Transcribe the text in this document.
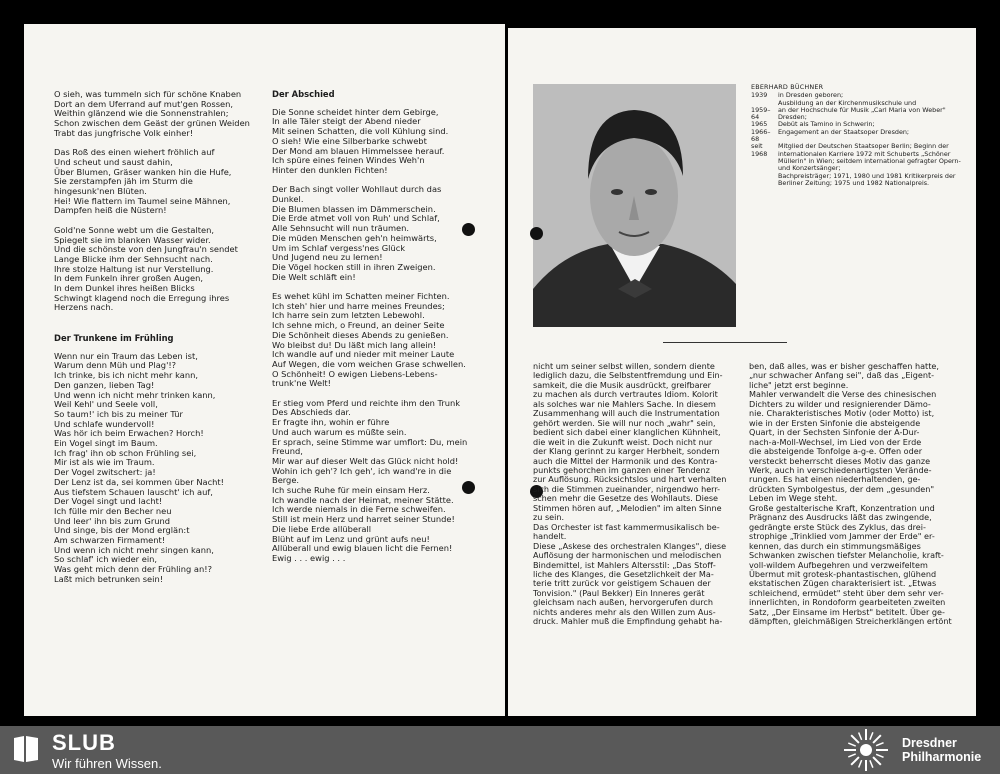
O sieh, was tummeln sich für schöne Knaben
Dort an dem Uferrand auf mut'gen Rossen,
Weithin glänzend wie die Sonnenstrahlen;
Schon zwischen dem Geäst der grünen Weiden
Trabt das jungfrische Volk einher!
Das Roß des einen wiehert fröhlich auf
Und scheut und saust dahin,
Über Blumen, Gräser wanken hin die Hufe,
Sie zerstampfen jäh im Sturm die
hingesunk'nen Blüten.
Hei! Wie flattern im Taumel seine Mähnen,
Dampfen heiß die Nüstern!
Gold'ne Sonne webt um die Gestalten,
Spiegelt sie im blanken Wasser wider.
Und die schönste von den Jungfrau'n sendet
Lange Blicke ihm der Sehnsucht nach.
Ihre stolze Haltung ist nur Verstellung.
In dem Funkeln ihrer großen Augen,
In dem Dunkel ihres heißen Blicks
Schwingt klagend noch die Erregung ihres
Herzens nach.
Der Trunkene im Frühling
Wenn nur ein Traum das Leben ist,
Warum denn Müh und Plag'!?
Ich trinke, bis ich nicht mehr kann,
Den ganzen, lieben Tag!
Und wenn ich nicht mehr trinken kann,
Weil Kehl' und Seele voll,
So taum!' ich bis zu meiner Tür
Und schlafe wundervoll!
Was hör ich beim Erwachen? Horch!
Ein Vogel singt im Baum.
Ich frag' ihn ob schon Frühling sei,
Mir ist als wie im Traum.
Der Vogel zwitschert: ja!
Der Lenz ist da, sei kommen über Nacht!
Aus tiefstem Schauen lauscht' ich auf,
Der Vogel singt und lacht!
Ich fülle mir den Becher neu
Und leer' ihn bis zum Grund
Und singe, bis der Mond erglän:t
Am schwarzen Firmament!
Und wenn ich nicht mehr singen kann,
So schlaf' ich wieder ein,
Was geht mich denn der Frühling an!?
Laßt mich betrunken sein!
Der Abschied
Die Sonne scheidet hinter dem Gebirge,
In alle Täler steigt der Abend nieder
Mit seinen Schatten, die voll Kühlung sind.
O sieh! Wie eine Silberbarke schwebt
Der Mond am blauen Himmelssee herauf.
Ich spüre eines feinen Windes Weh'n
Hinter den dunklen Fichten!
Der Bach singt voller Wohllaut durch das
Dunkel.
Die Blumen blassen im Dämmerschein.
Die Erde atmet voll von Ruh' und Schlaf,
Alle Sehnsucht will nun träumen.
Die müden Menschen geh'n heimwärts,
Um im Schlaf vergess'nes Glück
Und Jugend neu zu lernen!
Die Vögel hocken still in ihren Zweigen.
Die Welt schläft ein!
Es wehet kühl im Schatten meiner Fichten.
Ich steh' hier und harre meines Freundes;
Ich harre sein zum letzten Lebewohl.
Ich sehne mich, o Freund, an deiner Seite
Die Schönheit dieses Abends zu genießen.
Wo bleibst du! Du läßt mich lang allein!
Ich wandle auf und nieder mit meiner Laute
Auf Wegen, die vom weichen Grase schwellen.
O Schönheit! O ewigen Liebens-Lebens-
trunk'ne Welt!
Er stieg vom Pferd und reichte ihm den Trunk
Des Abschieds dar.
Er fragte ihn, wohin er führe
Und auch warum es müßte sein.
Er sprach, seine Stimme war umflort: Du, mein
Freund,
Mir war auf dieser Welt das Glück nicht hold!
Wohin ich geh'? Ich geh', ich wand're in die
Berge.
Ich suche Ruhe für mein einsam Herz.
Ich wandle nach der Heimat, meiner Stätte.
Ich werde niemals in die Ferne schweifen.
Still ist mein Herz und harret seiner Stunde!
Die liebe Erde allüberall
Blüht auf im Lenz und grünt aufs neu!
Allüberall und ewig blauen licht die Fernen!
Ewig . . . ewig . . .
EBERHARD BÜCHNER
1939	in Dresden geboren;
Ausbildung an der Kirchenmusikschule und
1959–64
an der Hochschule für Musik „Carl Maria von Weber" Dresden;
1965	Debüt als Tamino in Schwerin;
1966–68
Engagement an der Staatsoper Dresden;
seit 1968
Mitglied der Deutschen Staatsoper Berlin; Beginn der internationalen Karriere 1972 mit Schuberts „Schöner Müllerin" in Wien; seitdem international gefragter Opern- und Konzertsänger;
Bachpreisträger; 1971, 1980 und 1981 Kritikerpreis der Berliner Zeitung; 1975 und 1982 Nationalpreis.
nicht um seiner selbst willen, sondern diente
lediglich dazu, die Selbstentfremdung und Ein-
samkeit, die die Musik ausdrückt, greifbarer
zu machen als durch vertrautes Idiom. Kolorit
als solches war nie Mahlers Sache. In diesem
Zusammenhang will auch die Instrumentation
gehört werden. Sie will nur noch „wahr" sein,
bedient sich dabei einer klanglichen Kühnheit,
die weit in die Zukunft weist. Doch nicht nur
der Klang gerinnt zu karger Herbheit, sondern
auch die Mittel der Harmonik und des Kontra-
punkts gehorchen im ganzen einer Tendenz
zur Auflösung. Rücksichtslos und hart verhalten
sich die Stimmen zueinander, nirgendwo herr-
schen mehr die Gesetze des Wohllauts. Diese
Stimmen hören auf, „Melodien" im alten Sinne
zu sein.
Das Orchester ist fast kammermusikalisch be-
handelt.
Diese „Askese des orchestralen Klanges", diese
Auflösung der harmonischen und melodischen
Bindemittel, ist Mahlers Altersstil: „Das Stoff-
liche des Klanges, die Gesetzlichkeit der Ma-
terie tritt zurück vor geistigem Schauen der
Tonvision." (Paul Bekker) Ein Inneres gerät
gleichsam nach außen, hervorgerufen durch
nichts anderes mehr als den Willen zum Aus-
druck. Mahler muß die Empfindung gehabt ha-
ben, daß alles, was er bisher geschaffen hatte,
„nur schwacher Anfang sei", daß das „Eigent-
liche" jetzt erst beginne.
Mahler verwandelt die Verse des chinesischen
Dichters zu wilder und resignierender Dämo-
nie. Charakteristisches Motiv (oder Motto) ist,
wie in der Ersten Sinfonie die absteigende
Quart, in der Sechsten Sinfonie der A-Dur-
nach-a-Moll-Wechsel, im Lied von der Erde
die absteigende Tonfolge a-g-e. Offen oder
versteckt beherrscht dieses Motiv das ganze
Werk, auch in verschiedenartigsten Verände-
rungen. Es hat einen niederhaltenden, ge-
drückten Symbolgestus, der dem „gesunden"
Leben im Wege steht.
Große gestalterische Kraft, Konzentration und
Prägnanz des Ausdrucks läßt das zwingende,
gedrängte erste Stück des Zyklus, das drei-
strophige „Trinklied vom Jammer der Erde" er-
kennen, das durch ein stimmungsmäßiges
Schwanken zwischen tiefster Melancholie, kraft-
voll-wildem Aufbegehren und verzweifeltem
Übermut mit grotesk-phantastischen, glühend
ekstatischen Zügen charakterisiert ist. „Etwas
schleichend, ermüdet" steht über dem sehr ver-
innerlichten, in Rondoform gearbeiteten zweiten
Satz, „Der Einsame im Herbst" betitelt. Über ge-
dämpften, gleichmäßigen Streicherklängen ertönt
SLUB
Wir führen Wissen.
Dresdner
Philharmonie
